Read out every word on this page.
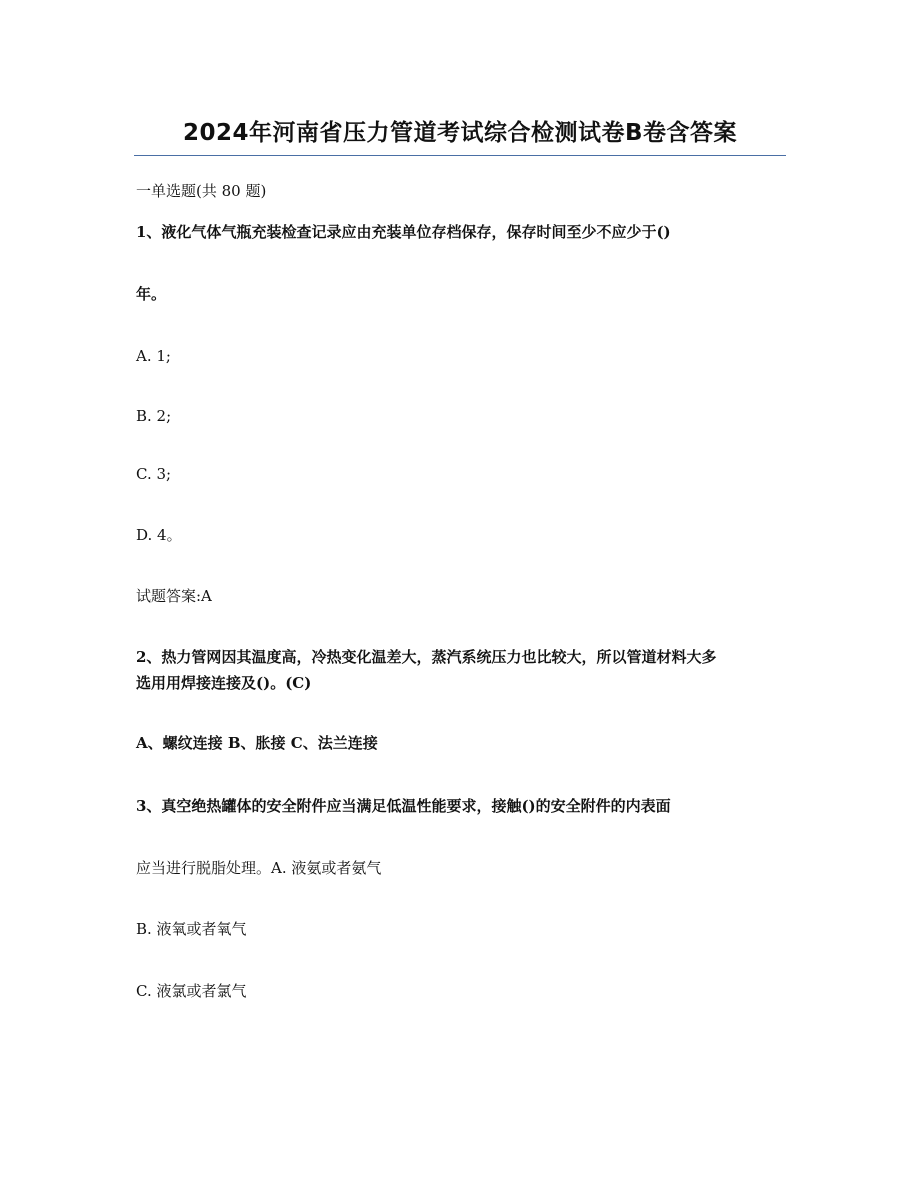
2024年河南省压力管道考试综合检测试卷B卷含答案
一单选题(共 80 题)
1、液化气体气瓶充装检查记录应由充装单位存档保存，保存时间至少不应少于()
年。
A. 1;
B. 2;
C. 3;
D. 4。
试题答案:A
2、热力管网因其温度高，冷热变化温差大，蒸汽系统压力也比较大，所以管道材料大多
选用用焊接连接及()。(C)
A、螺纹连接 B、胀接 C、法兰连接
3、真空绝热罐体的安全附件应当满足低温性能要求，接触()的安全附件的内表面
应当进行脱脂处理。A. 液氨或者氨气
B. 液氧或者氧气
C. 液氯或者氯气
